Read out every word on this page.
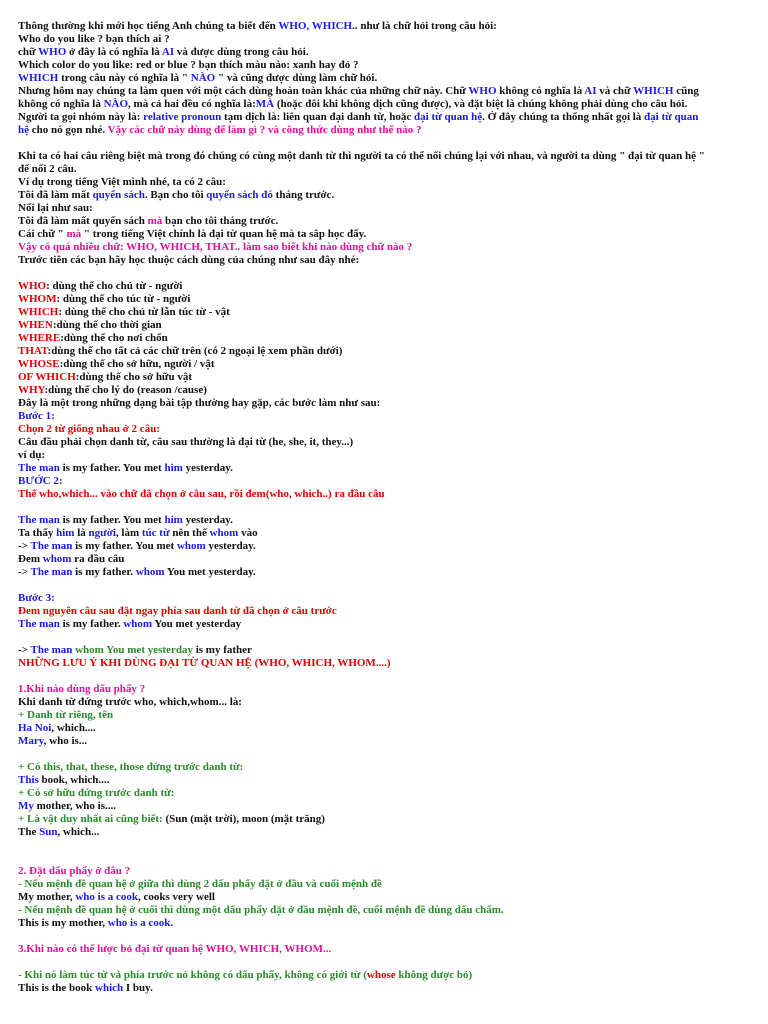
Thông thường khi mới học tiếng Anh chúng ta biết đến WHO, WHICH.. như là chữ hỏi trong câu hỏi:
Who do you like ? bạn thích ai ?
chữ WHO ở đây là có nghĩa là AI và được dùng trong câu hỏi.
Which color do you like: red or blue ? bạn thích màu nào: xanh hay đỏ ?
WHICH trong câu này có nghĩa là " NÀO " và cũng được dùng làm chữ hỏi.
Nhưng hôm nay chúng ta làm quen với một cách dùng hoàn toàn khác của những chữ này. Chữ WHO không có nghĩa là AI và chữ WHICH cũng
không có nghĩa là NÀO, mà cả hai đều có nghĩa là:MÀ (hoặc đôi khi không dịch cũng được), và đặt biệt là chúng không phải dùng cho câu hỏi.
Người ta gọi nhóm này là: relative pronoun tạm dịch là: liên quan đại danh từ, hoặc đại từ quan hệ. Ở đây chúng ta thống nhất gọi là đại từ quan
hệ cho nó gọn nhé. Vậy các chữ này dùng để làm gì ? và công thức dùng như thế nào ?
Khi ta có hai câu riêng biệt mà trong đó chúng có cùng một danh từ thì người ta có thể nối chúng lại với nhau, và người ta dùng " đại từ quan hệ "
để nối 2 câu.
Ví dụ trong tiếng Việt mình nhé, ta có 2 câu:
Tôi đã làm mất quyển sách. Bạn cho tôi quyển sách đó tháng trước.
Nối lại như sau:
Tôi đã làm mất quyển sách mà bạn cho tôi tháng trước.
Cái chữ " mà " trong tiếng Việt chính là đại từ quan hệ mà ta sắp học đấy.
Vậy có quá nhiều chữ: WHO, WHICH, THAT.. làm sao biết khi nào dùng chữ nào ?
Trước tiên các bạn hãy học thuộc cách dùng của chúng như sau đây nhé:
WHO: dùng thế cho chủ từ - người
WHOM: dùng thế cho túc từ - người
WHICH: dùng thế cho chủ từ lẫn túc từ - vật
WHEN:dùng thế cho thời gian
WHERE:dùng thế cho nơi chốn
THAT:dùng thế cho tất cả các chữ trên (có 2 ngoại lệ xem phần dưới)
WHOSE:dùng thế cho sở hữu, người / vật
OF WHICH:dùng thế cho sở hữu vật
WHY:dùng thế cho lý do (reason /cause)
Đây là một trong những dạng bài tập thường hay gặp, các bước làm như sau:
Bước 1:
Chọn 2 từ giống nhau ở 2 câu:
Câu đầu phải chọn danh từ, câu sau thường là đại từ (he, she, it, they...)
ví dụ:
The man is my father. You met him yesterday.
BƯỚC 2:
Thế who,which... vào chữ đã chọn ở câu sau, rồi đem(who, which..) ra đầu câu
The man is my father. You met him yesterday.
Ta thấy him là người, làm túc từ nên thế whom vào
-> The man is my father. You met whom yesterday.
Đem whom ra đầu câu
-> The man is my father. whom You met yesterday.
Bước 3:
Đem nguyên câu sau đặt ngay phía sau danh từ đã chọn ở câu trước
The man is my father. whom You met yesterday
-> The man whom You met yesterday is my father
NHỮNG LƯU Ý KHI DÙNG ĐẠI TỪ QUAN HỆ (WHO, WHICH, WHOM....)
1.Khi nào dùng dấu phẩy ?
Khi danh từ đứng trước who, which,whom... là:
+ Danh từ riêng, tên
Ha Noi, which....
Mary, who is...
+ Có this, that, these, those đứng trước danh từ:
This book, which....
+ Có sở hữu đứng trước danh từ:
My mother, who is....
+ Là vật duy nhất ai cũng biết: (Sun (mặt trời), moon (mặt trăng)
The Sun, which...
2. Đặt dấu phẩy ở đâu ?
- Nếu mệnh đề quan hệ ở giữa thì dùng 2 dấu phẩy đặt ở đầu và cuối mệnh đề
My mother, who is a cook, cooks very well
- Nếu mệnh đề quan hệ ở cuối thì dùng một dấu phẩy đặt ở đầu mệnh đề, cuối mệnh đề dùng dấu chấm.
This is my mother, who is a cook.
3.Khi nào có thể lược bỏ đại từ quan hệ WHO, WHICH, WHOM...
- Khi nó làm túc từ và phía trước nó không có dấu phẩy, không có giới từ (whose không được bỏ)
This is the book which I buy.
